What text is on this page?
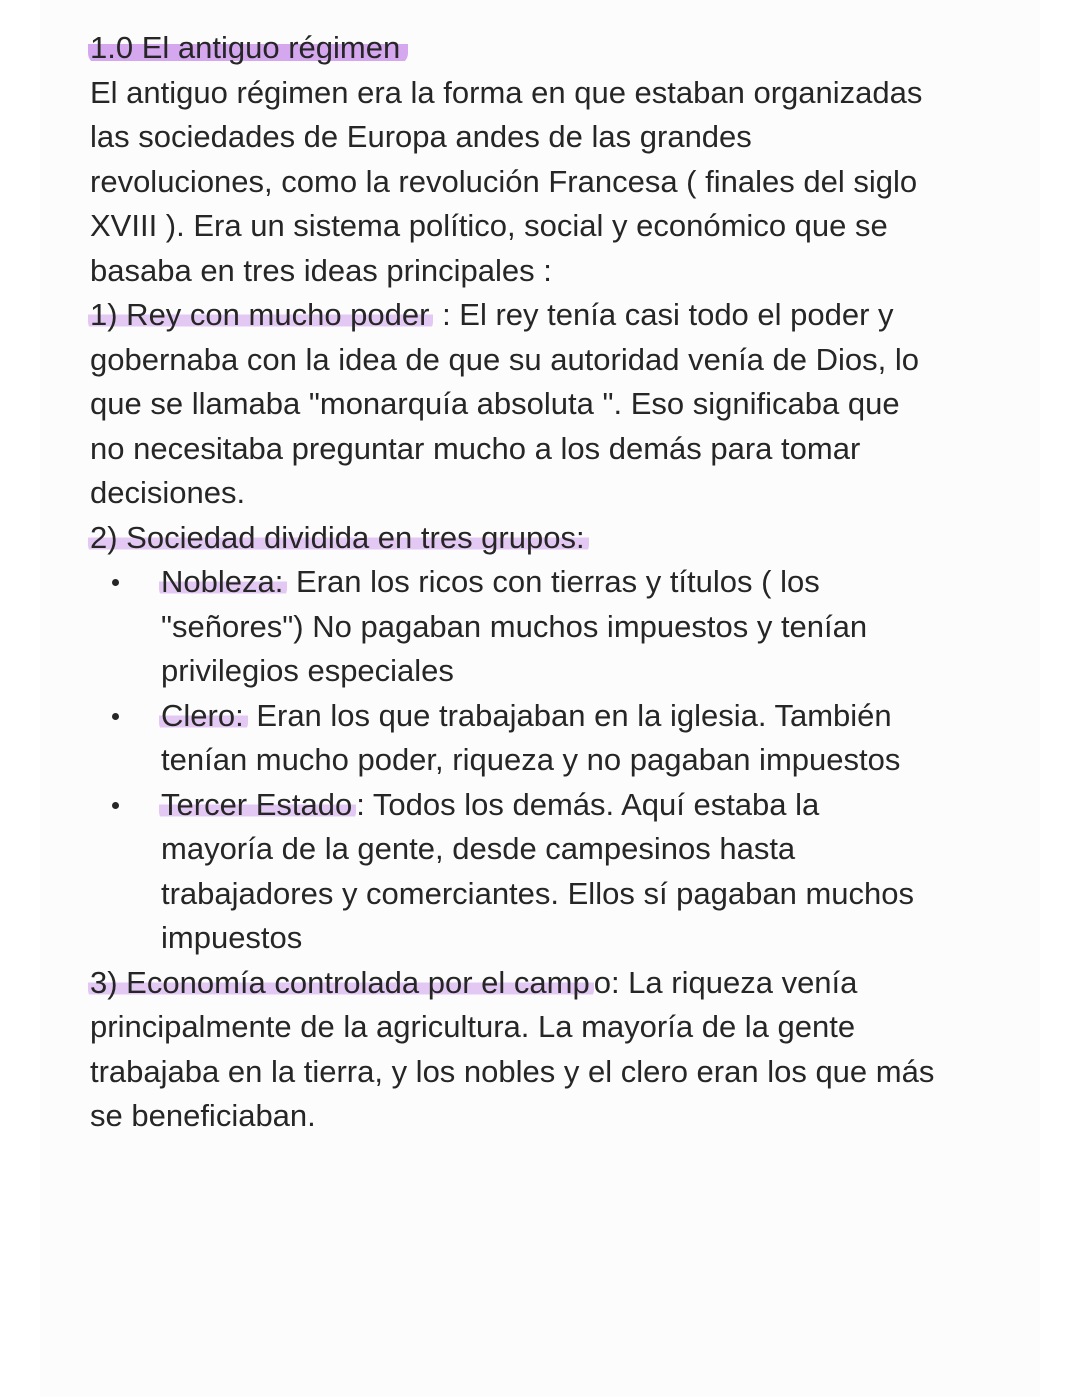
1.0 El antiguo régimen

El antiguo régimen era la forma en que estaban organizadas

las sociedades de Europa andes de las grandes

revoluciones, como la revolución Francesa ( finales del siglo

XVIII ). Era un sistema político, social y económico que se

basaba en tres ideas principales :

1) Rey con mucho poder : El rey tenía casi todo el poder y

gobernaba con la idea de que su autoridad venía de Dios, lo

que se llamaba "monarquía absoluta ". Eso significaba que

no necesitaba preguntar mucho a los demás para tomar

decisiones.

2) Sociedad dividida en tres grupos:

Nobleza: Eran los ricos con tierras y títulos ( los

"señores") No pagaban muchos impuestos y tenían

privilegios especiales

Clero: Eran los que trabajaban en la iglesia. También

tenían mucho poder, riqueza y no pagaban impuestos

Tercer Estado : Todos los demás. Aquí estaba la

mayoría de la gente, desde campesinos hasta

trabajadores y comerciantes. Ellos sí pagaban muchos

impuestos

3) Economía controlada por el camp o: La riqueza venía

principalmente de la agricultura. La mayoría de la gente

trabajaba en la tierra, y los nobles y el clero eran los que más

se beneficiaban.
